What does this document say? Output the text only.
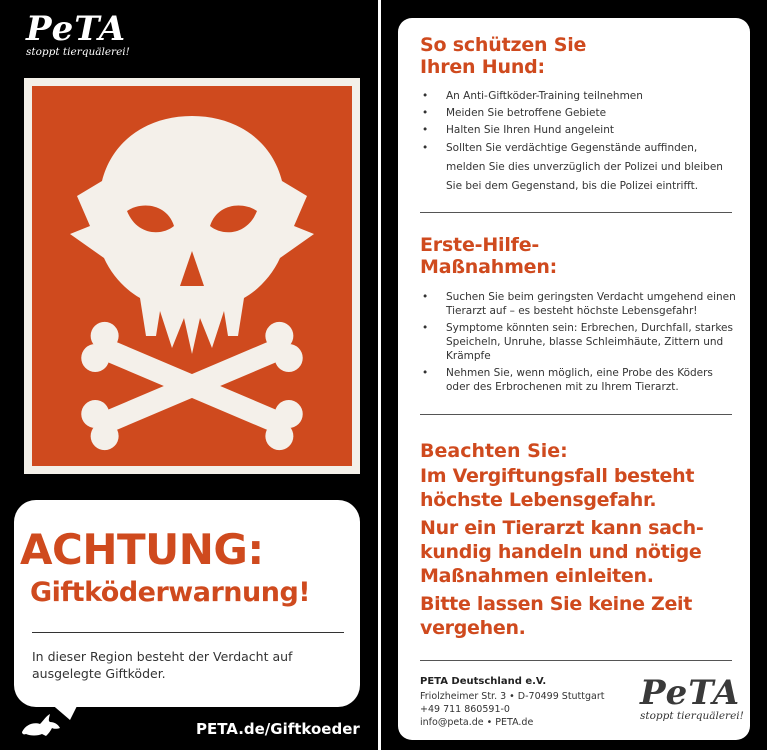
PeTA
stoppt tierquälerei!
ACHTUNG:
Giftköderwarnung!
In dieser Region besteht der Verdacht auf ausgelegte Giftköder.
PETA.de/Giftkoeder
So schützen Sie
Ihren Hund:
• An Anti-Giftköder-Training teilnehmen
• Meiden Sie betroffene Gebiete
• Halten Sie Ihren Hund angeleint
• Sollten Sie verdächtige Gegenstände auffinden, melden Sie dies unverzüglich der Polizei und bleiben Sie bei dem Gegenstand, bis die Polizei eintrifft.
Erste-Hilfe-
Maßnahmen:
• Suchen Sie beim geringsten Verdacht umgehend einen Tierarzt auf – es besteht höchste Lebensgefahr!
• Symptome könnten sein: Erbrechen, Durchfall, starkes Speicheln, Unruhe, blasse Schleimhäute, Zittern und Krämpfe
• Nehmen Sie, wenn möglich, eine Probe des Köders oder des Erbrochenen mit zu Ihrem Tierarzt.
Beachten Sie:
Im Vergiftungsfall besteht
höchste Lebensgefahr.
Nur ein Tierarzt kann sach-
kundig handeln und nötige
Maßnahmen einleiten.
Bitte lassen Sie keine Zeit
vergehen.
PETA Deutschland e.V.
Friolzheimer Str. 3 • D-70499 Stuttgart
+49 711 860591-0
info@peta.de • PETA.de
PeTA
stoppt tierquälerei!
